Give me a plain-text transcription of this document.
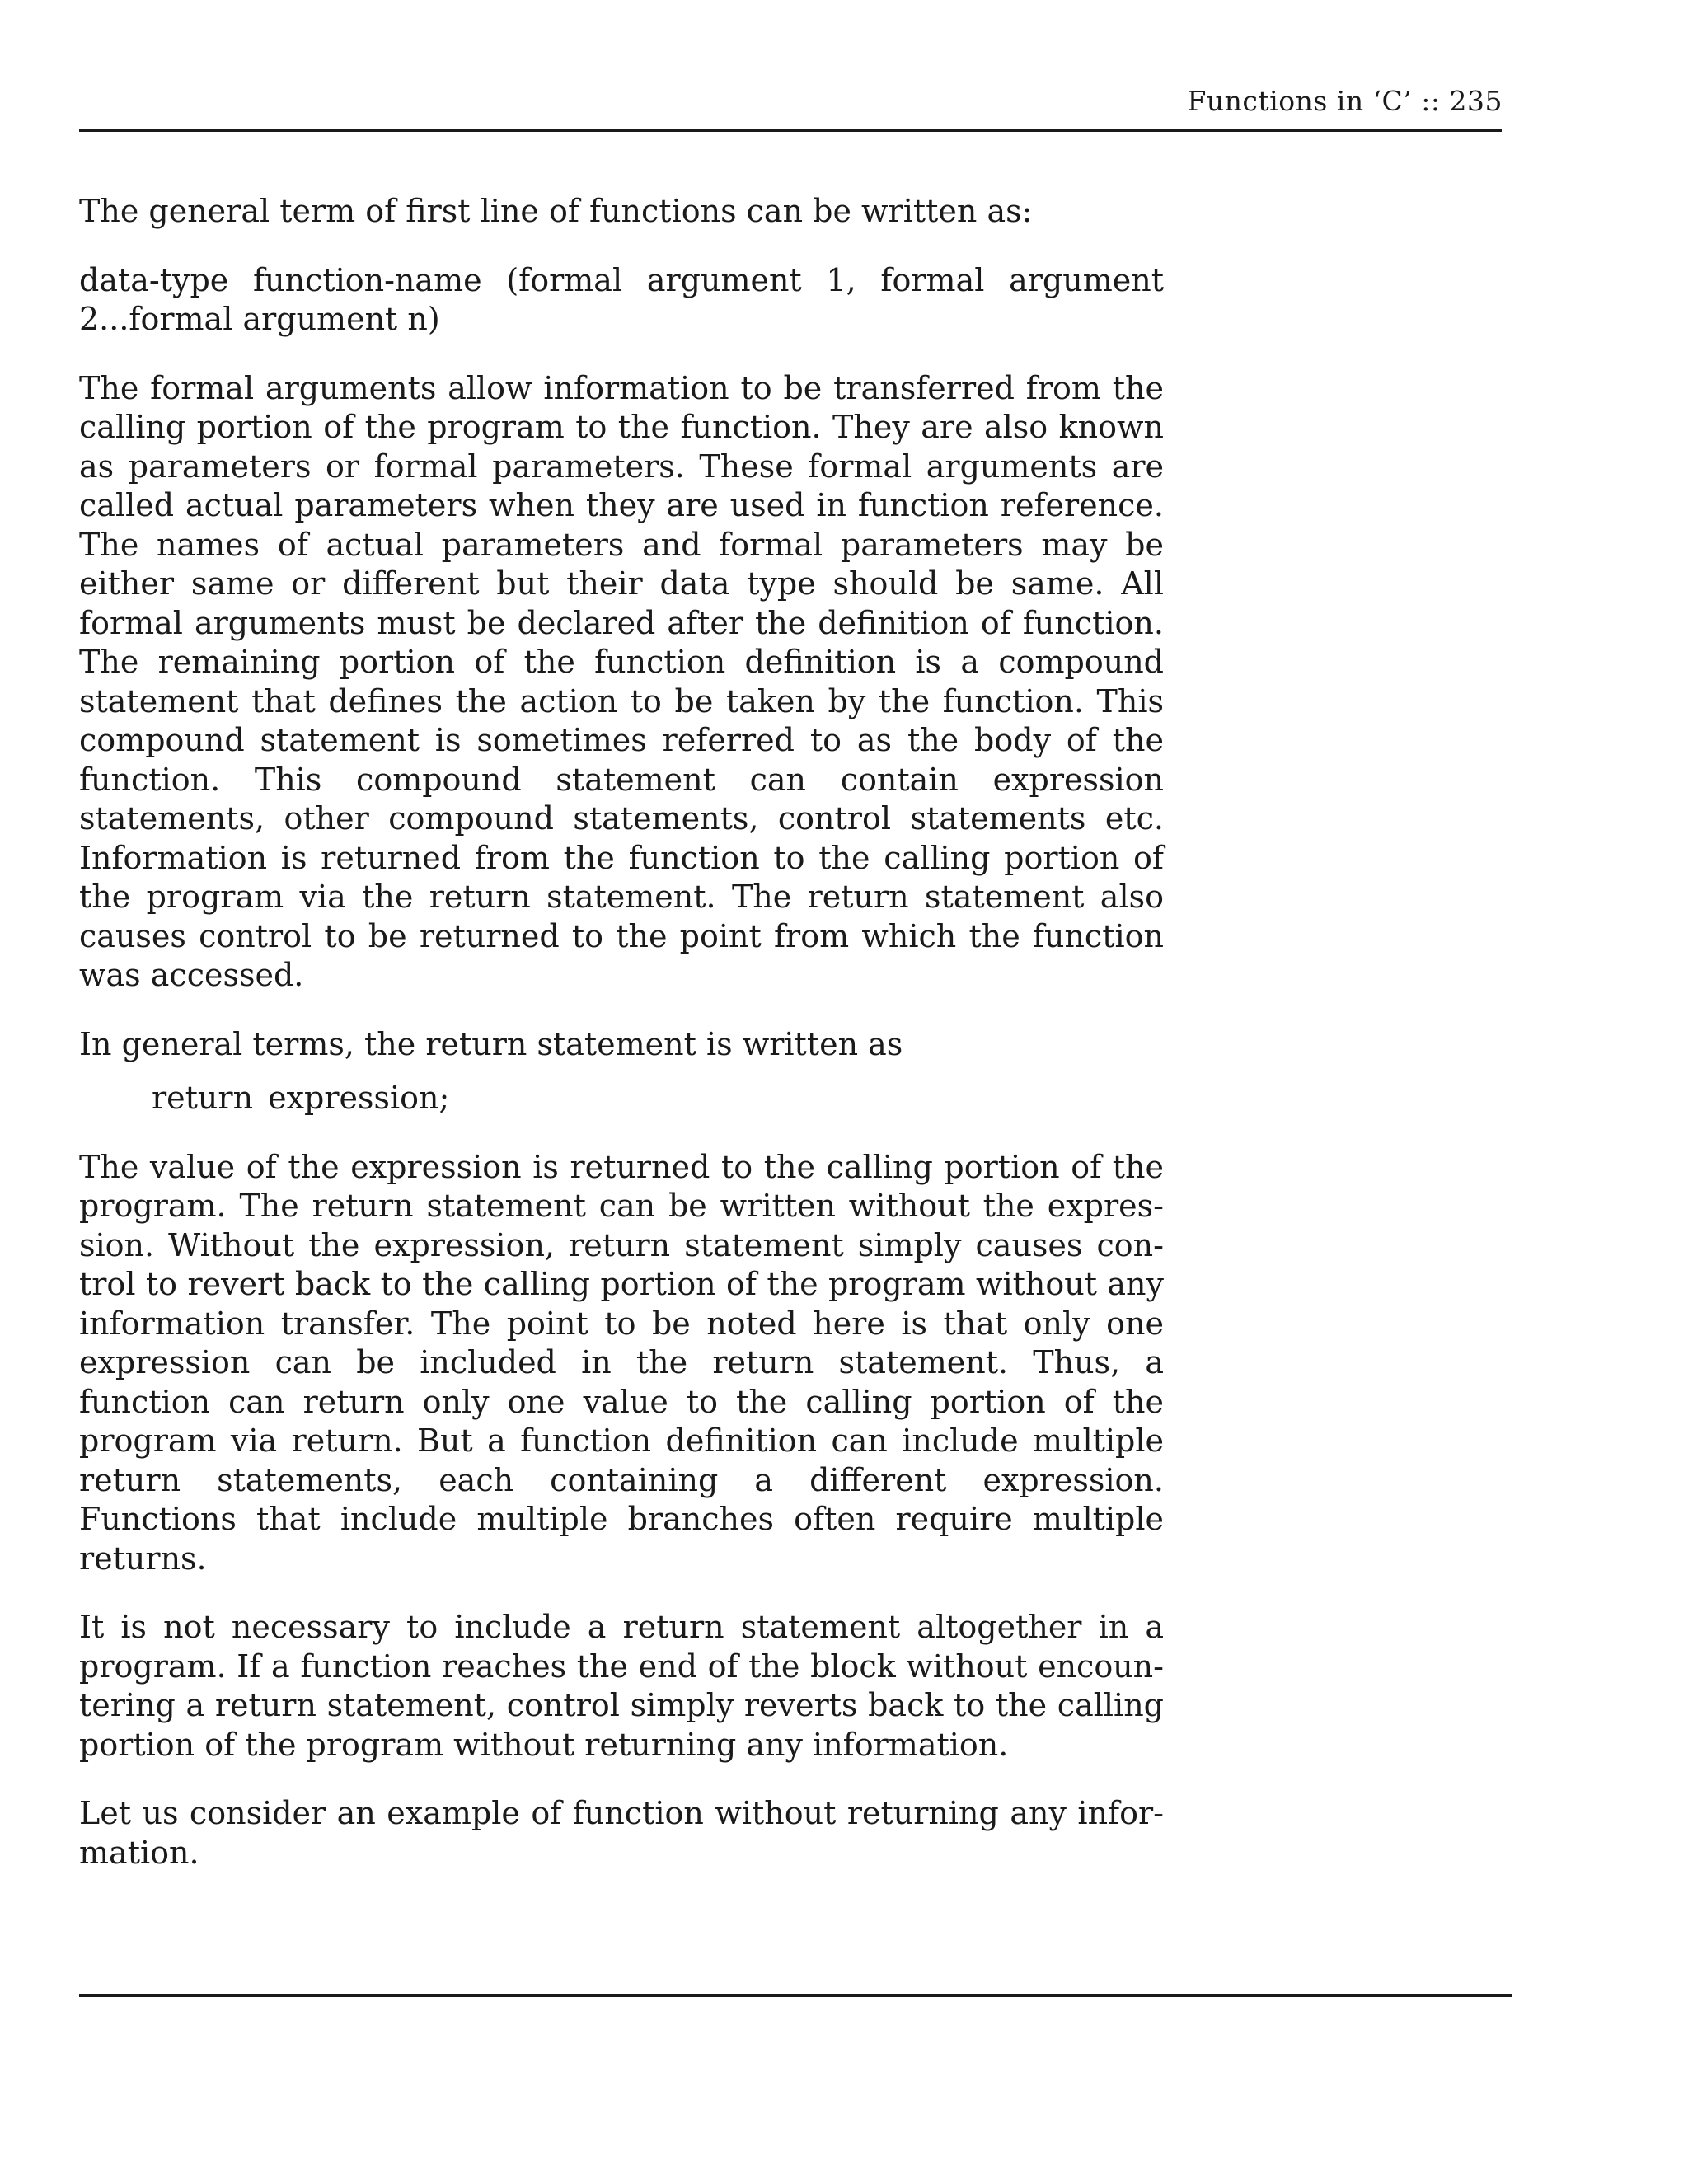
Functions in ‘C’ :: 235

The general term of first line of functions can be written as:

data-type function-name (formal argument 1, formal argument 2...formal argument n)

The formal arguments allow information to be transferred from the calling portion of the program to the function. They are also known as parameters or formal parameters. These formal arguments are called actual parameters when they are used in function reference. The names of actual parameters and formal parameters may be either same or different but their data type should be same. All formal arguments must be declared after the definition of function. The remaining portion of the function definition is a compound statement that defines the action to be taken by the function. This compound statement is sometimes referred to as the body of the function. This compound statement can contain expression statements, other compound statements, control statements etc. Information is returned from the function to the calling portion of the program via the return statement. The return statement also causes control to be returned to the point from which the function was accessed.

In general terms, the return statement is written as

return expression;

The value of the expression is returned to the calling portion of the program. The return statement can be written without the expression. Without the expression, return statement simply causes control to revert back to the calling portion of the program without any information transfer. The point to be noted here is that only one expression can be included in the return statement. Thus, a function can return only one value to the calling portion of the program via return. But a function definition can include multiple return statements, each containing a different expression. Functions that include multiple branches often require multiple returns.

It is not necessary to include a return statement altogether in a program. If a function reaches the end of the block without encountering a return statement, control simply reverts back to the calling portion of the program without returning any information.

Let us consider an example of function without returning any information.
